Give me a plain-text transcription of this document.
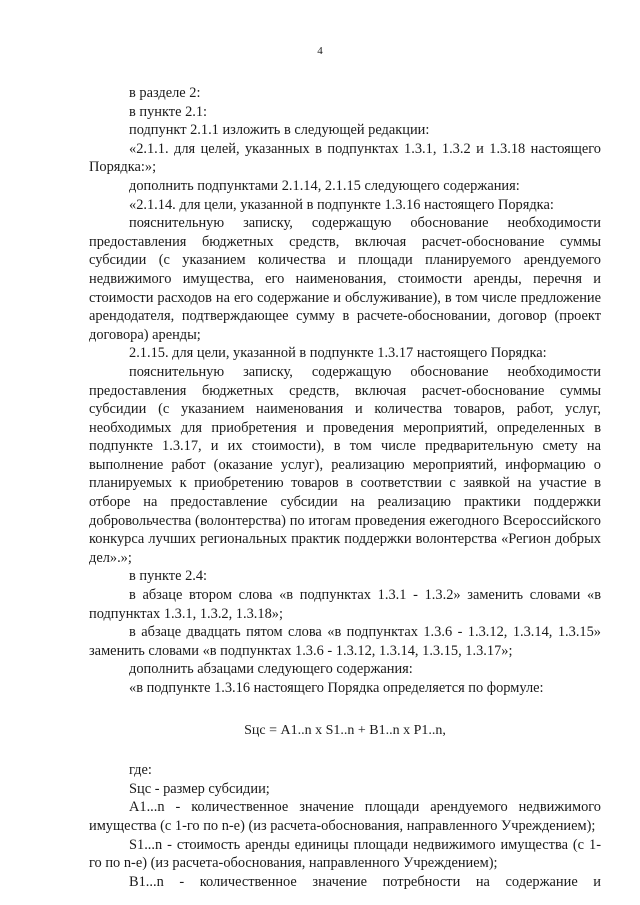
4

в разделе 2:

в пункте 2.1:

подпункт 2.1.1 изложить в следующей редакции:

«2.1.1. для целей, указанных в подпунктах 1.3.1, 1.3.2 и 1.3.18 настоящего Порядка:»;

дополнить подпунктами 2.1.14, 2.1.15 следующего содержания:

«2.1.14. для цели, указанной в подпункте 1.3.16 настоящего Порядка:

пояснительную записку, содержащую обоснование необходимости предоставления бюджетных средств, включая расчет-обоснование суммы субсидии (с указанием количества и площади планируемого арендуемого недвижимого имущества, его наименования, стоимости аренды, перечня и стоимости расходов на его содержание и обслуживание), в том числе предложение арендодателя, подтверждающее сумму в расчете-обосновании, договор (проект договора) аренды;

2.1.15. для цели, указанной в подпункте 1.3.17 настоящего Порядка:

пояснительную записку, содержащую обоснование необходимости предоставления бюджетных средств, включая расчет-обоснование суммы субсидии (с указанием наименования и количества товаров, работ, услуг, необходимых для приобретения и проведения мероприятий, определенных в подпункте 1.3.17, и их стоимости), в том числе предварительную смету на выполнение работ (оказание услуг), реализацию мероприятий, информацию о планируемых к приобретению товаров в соответствии с заявкой на участие в отборе на предоставление субсидии на реализацию практики поддержки добровольчества (волонтерства) по итогам проведения ежегодного Всероссийского конкурса лучших региональных практик поддержки волонтерства «Регион добрых дел».»;

в пункте 2.4:

в абзаце втором слова «в подпунктах 1.3.1 - 1.3.2» заменить словами «в подпунктах 1.3.1, 1.3.2, 1.3.18»;

в абзаце двадцать пятом слова «в подпунктах 1.3.6 - 1.3.12, 1.3.14, 1.3.15» заменить словами «в подпунктах 1.3.6 - 1.3.12, 1.3.14, 1.3.15, 1.3.17»;

дополнить абзацами следующего содержания:

«в подпункте 1.3.16 настоящего Порядка определяется по формуле:

Sцс = A1..n x S1..n + B1..n x P1..n,

где:

Sцс - размер субсидии;

A1...n - количественное значение площади арендуемого недвижимого имущества (с 1-го по n-е) (из расчета-обоснования, направленного Учреждением);

S1...n - стоимость аренды единицы площади недвижимого имущества (с 1-го по n-е) (из расчета-обоснования, направленного Учреждением);

B1...n - количественное значение потребности на содержание и
